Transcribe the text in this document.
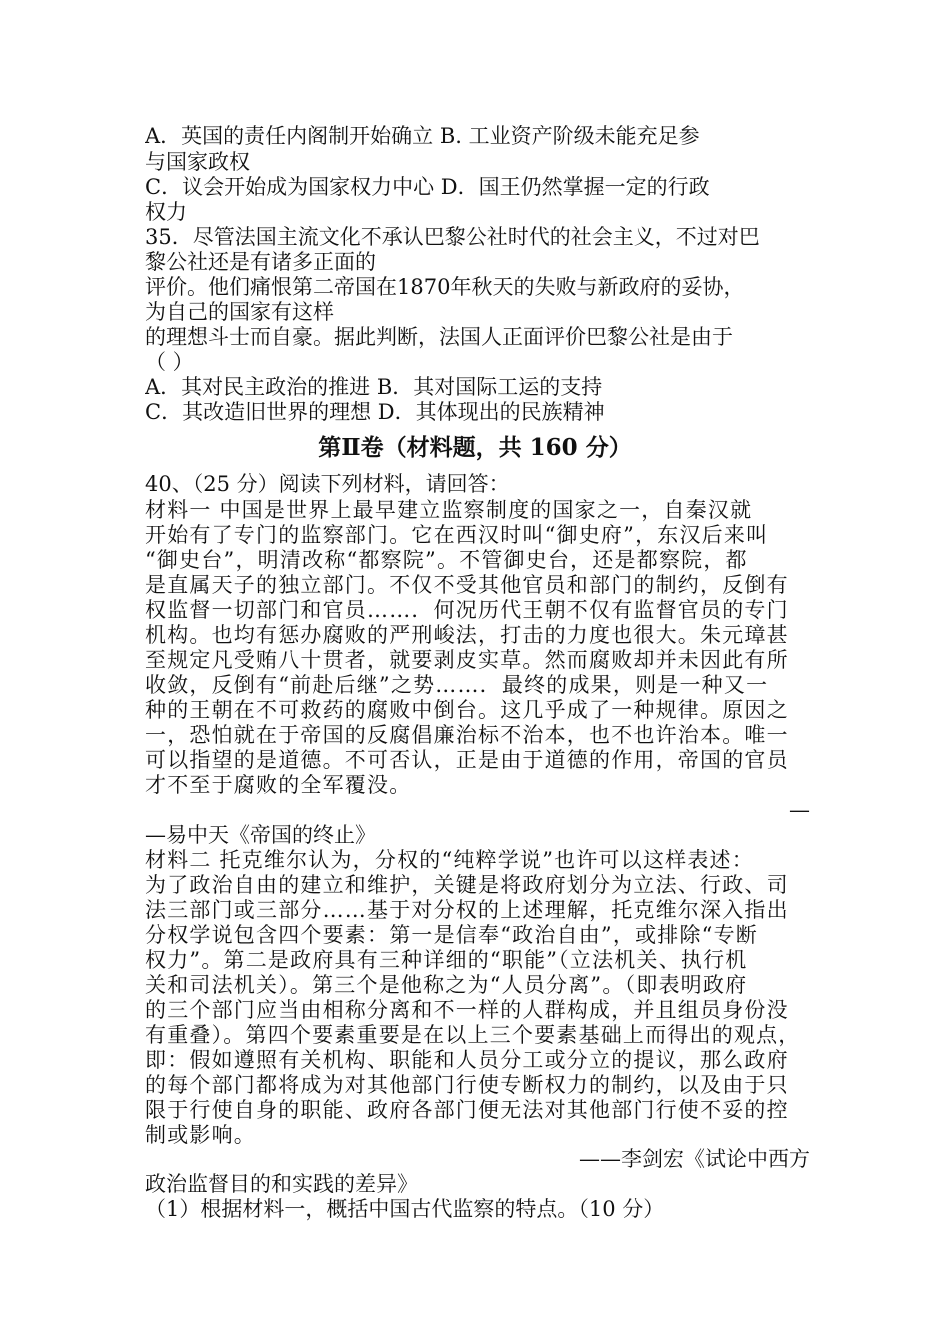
A．英国的责任内阁制开始确立 B. 工业资产阶级未能充足参
与国家政权
C．议会开始成为国家权力中心 D．国王仍然掌握一定的行政
权力
35．尽管法国主流文化不承认巴黎公社时代的社会主义，不过对巴
黎公社还是有诸多正面的
评价。他们痛恨第二帝国在1870年秋天的失败与新政府的妥协，
为自己的国家有这样
的理想斗士而自豪。据此判断，法国人正面评价巴黎公社是由于
（ ）
A．其对民主政治的推进 B．其对国际工运的支持
C．其改造旧世界的理想 D．其体现出的民族精神
第Ⅱ卷（材料题，共 160 分）
40、（25 分）阅读下列材料，请回答：
材料一 中国是世界上最早建立监察制度的国家之一，自秦汉就
开始有了专门的监察部门。它在西汉时叫“御史府”，东汉后来叫
“御史台”，明清改称“都察院”。不管御史台，还是都察院，都
是直属天子的独立部门。不仅不受其他官员和部门的制约，反倒有
权监督一切部门和官员……．何况历代王朝不仅有监督官员的专门
机构。也均有惩办腐败的严刑峻法，打击的力度也很大。朱元璋甚
至规定凡受贿八十贯者，就要剥皮实草。然而腐败却并未因此有所
收敛，反倒有“前赴后继”之势……．最终的成果，则是一种又一
种的王朝在不可救药的腐败中倒台。这几乎成了一种规律。原因之
一，恐怕就在于帝国的反腐倡廉治标不治本，也不也许治本。唯一
可以指望的是道德。不可否认，正是由于道德的作用，帝国的官员
才不至于腐败的全军覆没。
—
—易中天《帝国的终止》
材料二 托克维尔认为，分权的“纯粹学说”也许可以这样表述：
为了政治自由的建立和维护，关键是将政府划分为立法、行政、司
法三部门或三部分……基于对分权的上述理解，托克维尔深入指出
分权学说包含四个要素：第一是信奉“政治自由”，或排除“专断
权力”。第二是政府具有三种详细的“职能”（立法机关、执行机
关和司法机关）。第三个是他称之为“人员分离”。（即表明政府
的三个部门应当由相称分离和不一样的人群构成，并且组员身份没
有重叠）。第四个要素重要是在以上三个要素基础上而得出的观点，
即：假如遵照有关机构、职能和人员分工或分立的提议，那么政府
的每个部门都将成为对其他部门行使专断权力的制约，以及由于只
限于行使自身的职能、政府各部门便无法对其他部门行使不妥的控
制或影响。
——李剑宏《试论中西方
政治监督目的和实践的差异》
（1）根据材料一，概括中国古代监察的特点。（10 分）
